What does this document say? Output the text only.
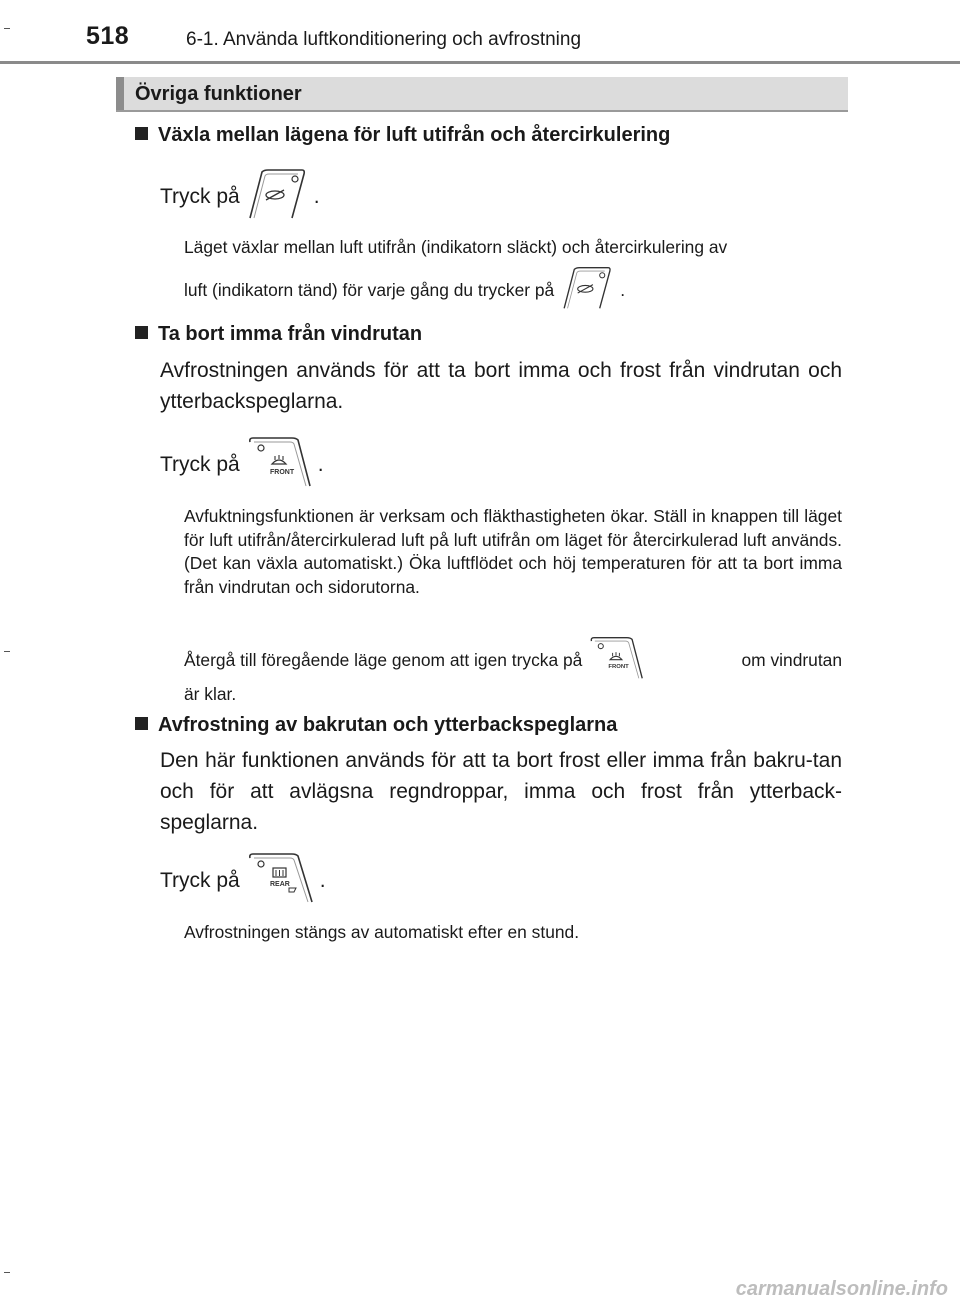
518	6-1. Använda luftkonditionering och avfrostning
Övriga funktioner
Växla mellan lägena för luft utifrån och återcirkulering
Tryck på	.
Läget växlar mellan luft utifrån (indikatorn släckt) och återcirkulering av
luft (indikatorn tänd) för varje gång du trycker på	.
Ta bort imma från vindrutan
Avfrostningen används för att ta bort imma och frost från vindrutan och ytterbackspeglarna.
Tryck på	FRONT .
Avfuktningsfunktionen är verksam och fläkthastigheten ökar. Ställ in knappen till läget för luft utifrån/återcirkulerad luft på luft utifrån om läget för återcirkulerad luft används. (Det kan växla automatiskt.) Öka luftflödet och höj temperaturen för att ta bort imma från vindrutan och sidorutorna.
Återgå till föregående läge genom att igen trycka på	FRONT	om vindrutan
är klar.
Avfrostning av bakrutan och ytterbackspeglarna
Den här funktionen används för att ta bort frost eller imma från bakru-tan och för att avlägsna regndroppar, imma och frost från ytterback-speglarna.
Tryck på	REAR .
Avfrostningen stängs av automatiskt efter en stund.
carmanualsonline.info
